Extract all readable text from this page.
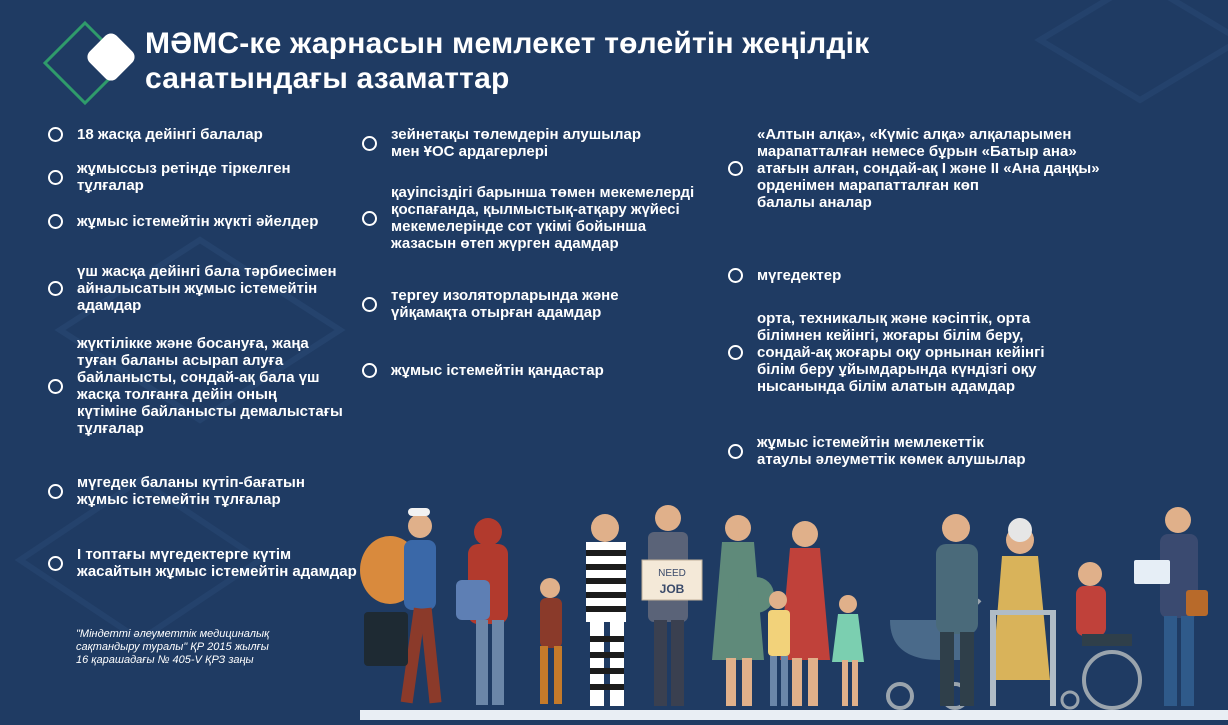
МӘМС-ке жарнасын мемлекет төлейтін жеңілдік
санатындағы азаматтар
18 жасқа дейінгі балалар
жұмыссыз ретінде тіркелген
тұлғалар
жұмыс істемейтін жүкті әйелдер
үш жасқа дейінгі бала тәрбиесімен
айналысатын жұмыс істемейтін
адамдар
жүктілікке және босануға, жаңа
туған баланы асырап алуға
байланысты, сондай-ақ бала үш
жасқа толғанға дейін оның
күтіміне байланысты демалыстағы
тұлғалар
мүгедек баланы күтіп-бағатын
жұмыс істемейтін тұлғалар
I топтағы мүгедектерге күтім
жасайтын жұмыс істемейтін адамдар
зейнетақы төлемдерін алушылар
мен ҰОС ардагерлері
қауіпсіздігі барынша төмен мекемелерді
қоспағанда, қылмыстық-атқару жүйесі
мекемелерінде сот үкімі бойынша
жазасын өтеп жүрген адамдар
тергеу изоляторларында және
үйқамақта отырған адамдар
жұмыс істемейтін қандастар
«Алтын алқа», «Күміс алқа» алқаларымен
марапатталған немесе бұрын «Батыр ана»
атағын алған, сондай-ақ I және II «Ана даңқы»
орденімен марапатталған көп
балалы аналар
мүгедектер
орта, техникалық және кәсіптік, орта
білімнен кейінгі, жоғары білім беру,
сондай-ақ жоғары оқу орнынан кейінгі
білім беру ұйымдарында күндізгі оқу
нысанында білім алатын адамдар
жұмыс істемейтін мемлекеттік
атаулы әлеуметтік көмек алушылар
"Міндетті әлеуметтік медициналық
сақтандыру туралы" ҚР 2015 жылғы
16 қарашадағы № 405-V ҚРЗ заңы
NEED
JOB
